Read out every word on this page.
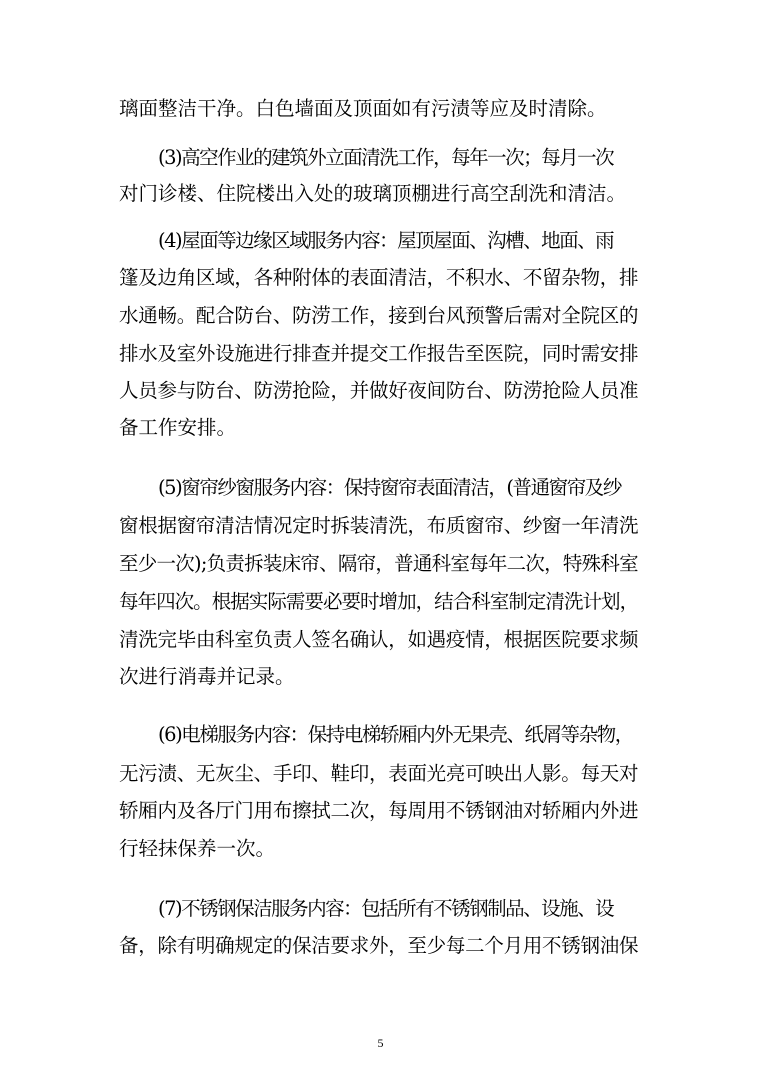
璃面整洁干净。白色墙面及顶面如有污渍等应及时清除。
(3)高空作业的建筑外立面清洗工作，每年一次；每月一次
对门诊楼、住院楼出入处的玻璃顶棚进行高空刮洗和清洁。
(4)屋面等边缘区域服务内容：屋顶屋面、沟槽、地面、雨
篷及边角区域，各种附体的表面清洁，不积水、不留杂物，排
水通畅。配合防台、防涝工作，接到台风预警后需对全院区的
排水及室外设施进行排查并提交工作报告至医院，同时需安排
人员参与防台、防涝抢险，并做好夜间防台、防涝抢险人员准
备工作安排。
(5)窗帘纱窗服务内容：保持窗帘表面清洁，(普通窗帘及纱
窗根据窗帘清洁情况定时拆装清洗，布质窗帘、纱窗一年清洗
至少一次);负责拆装床帘、隔帘，普通科室每年二次，特殊科室
每年四次。根据实际需要必要时增加，结合科室制定清洗计划，
清洗完毕由科室负责人签名确认，如遇疫情，根据医院要求频
次进行消毒并记录。
(6)电梯服务内容：保持电梯轿厢内外无果壳、纸屑等杂物，
无污渍、无灰尘、手印、鞋印，表面光亮可映出人影。每天对
轿厢内及各厅门用布擦拭二次，每周用不锈钢油对轿厢内外进
行轻抹保养一次。
(7)不锈钢保洁服务内容：包括所有不锈钢制品、设施、设
备，除有明确规定的保洁要求外，至少每二个月用不锈钢油保
5
